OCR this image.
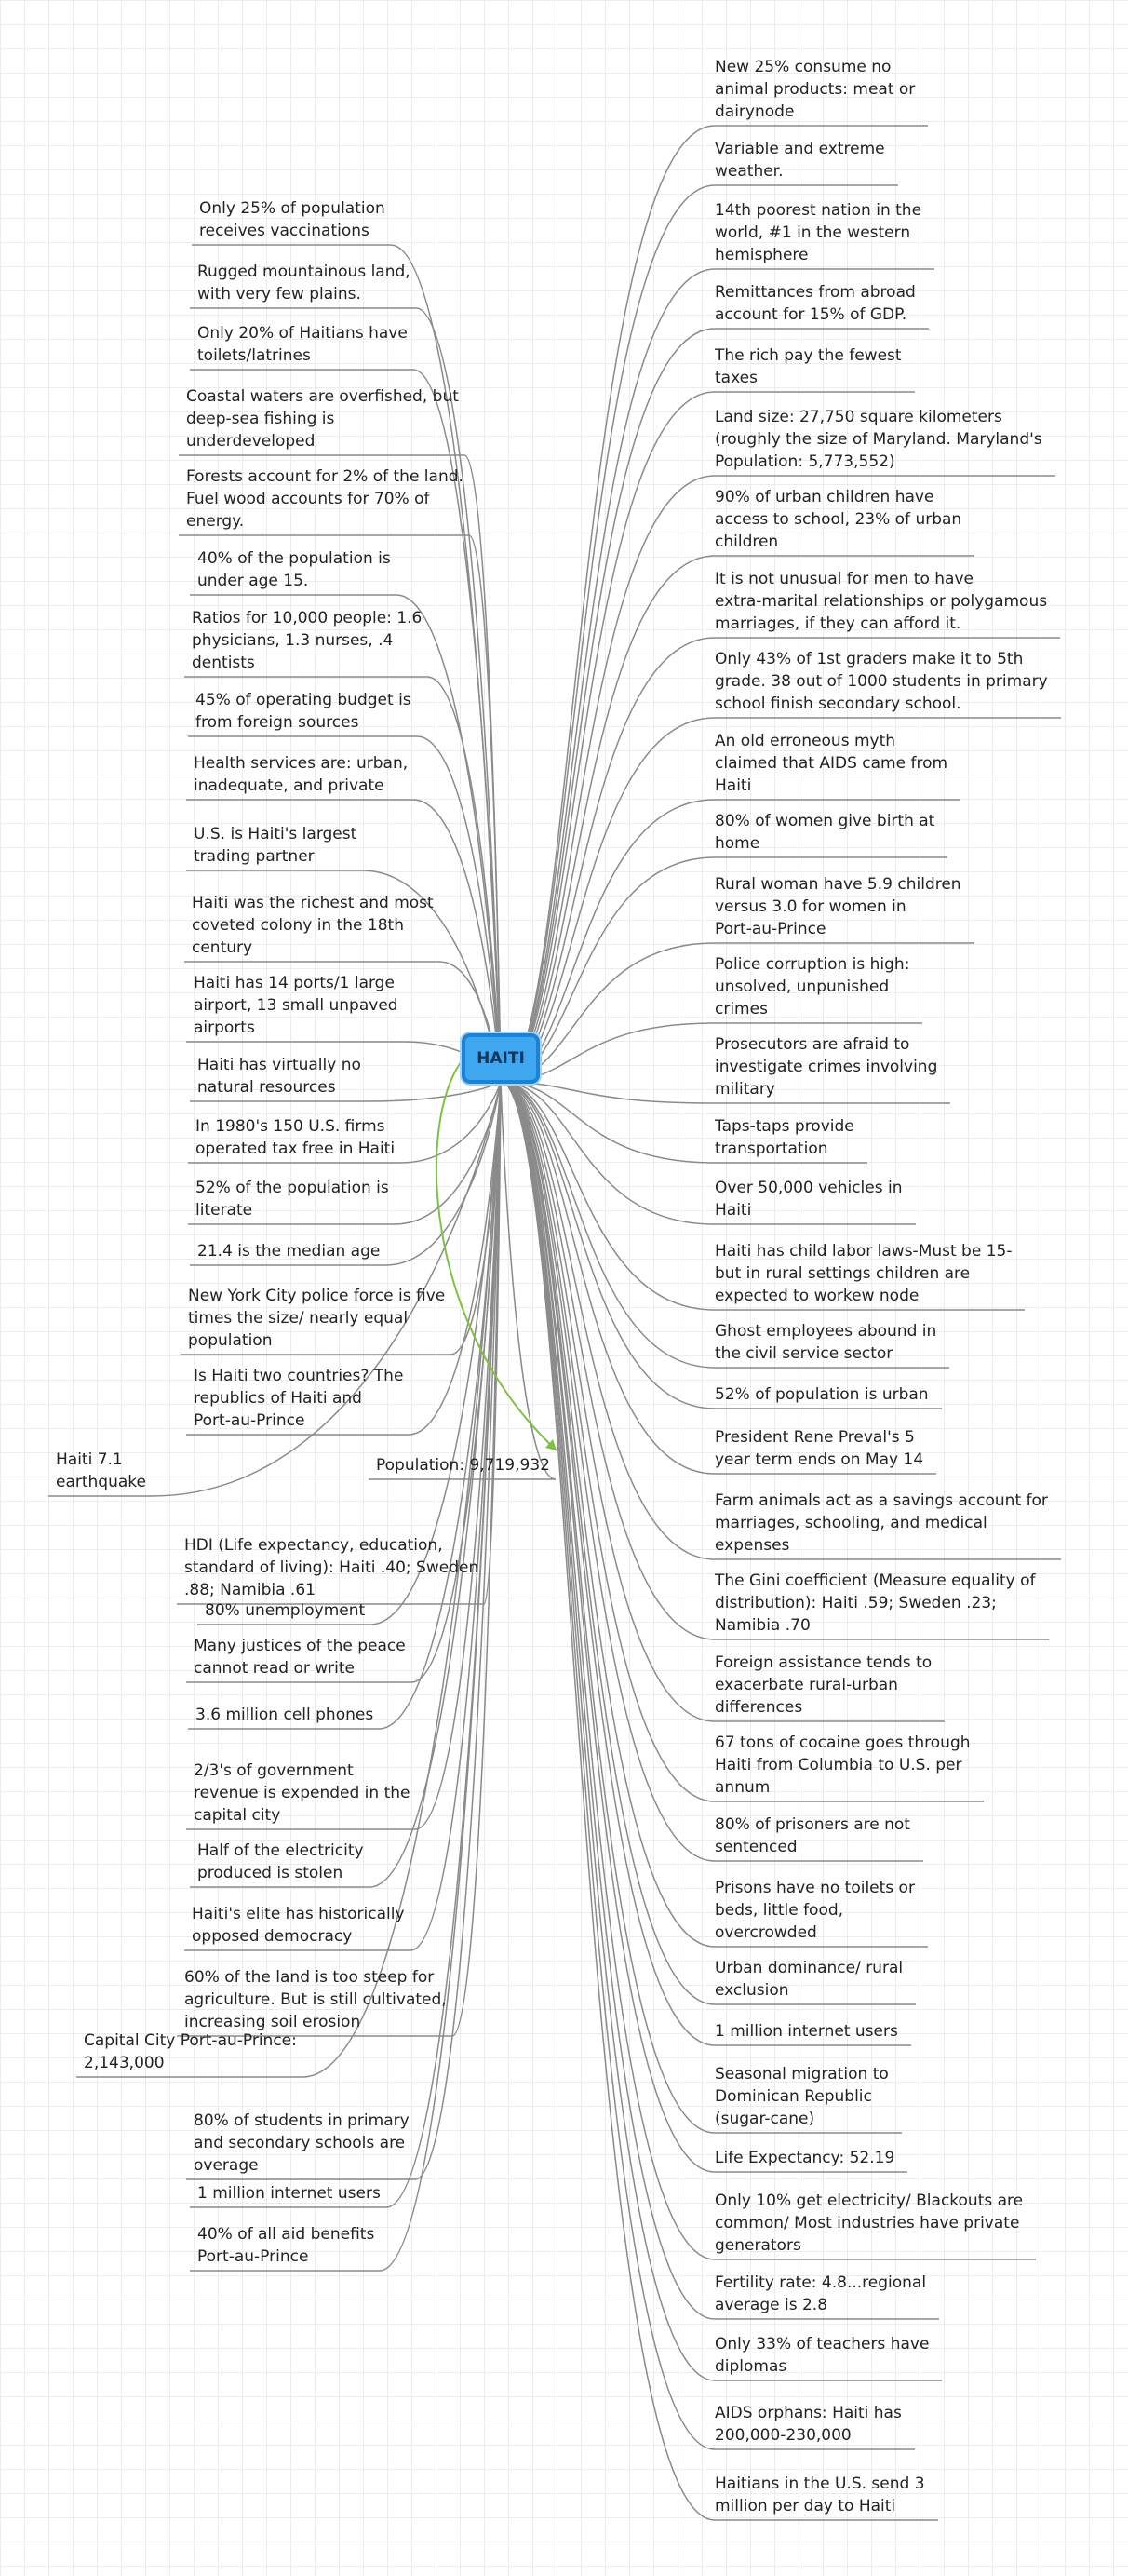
HAITI
Only 25% of population
receives vaccinations
Rugged mountainous land,
with very few plains.
Only 20% of Haitians have
toilets/latrines
Coastal waters are overfished, but
deep-sea fishing is
underdeveloped
Forests account for 2% of the land.
Fuel wood accounts for 70% of
energy.
40% of the population is
under age 15.
Ratios for 10,000 people: 1.6
physicians, 1.3 nurses, .4
dentists
45% of operating budget is
from foreign sources
Health services are: urban,
inadequate, and private
U.S. is Haiti's largest
trading partner
Haiti was the richest and most
coveted colony in the 18th
century
Haiti has 14 ports/1 large
airport, 13 small unpaved
airports
Haiti has virtually no
natural resources
In 1980's 150 U.S. firms
operated tax free in Haiti
52% of the population is
literate
21.4 is the median age
New York City police force is five
times the size/ nearly equal
population
Is Haiti two countries? The
republics of Haiti and
Port-au-Prince
Haiti 7.1
earthquake
Population: 9,719,932
HDI (Life expectancy, education,
standard of living): Haiti .40; Sweden
.88; Namibia .61
80% unemployment
Many justices of the peace
cannot read or write
3.6 million cell phones
2/3's of government
revenue is expended in the
capital city
Half of the electricity
produced is stolen
Haiti's elite has historically
opposed democracy
60% of the land is too steep for
agriculture. But is still cultivated,
increasing soil erosion
Capital City Port-au-Prince:
2,143,000
80% of students in primary
and secondary schools are
overage
1 million internet users
40% of all aid benefits
Port-au-Prince
New 25% consume no
animal products: meat or
dairynode
Variable and extreme
weather.
14th poorest nation in the
world, #1 in the western
hemisphere
Remittances from abroad
account for 15% of GDP.
The rich pay the fewest
taxes
Land size: 27,750 square kilometers
(roughly the size of Maryland. Maryland's
Population: 5,773,552)
90% of urban children have
access to school, 23% of urban
children
It is not unusual for men to have
extra-marital relationships or polygamous
marriages, if they can afford it.
Only 43% of 1st graders make it to 5th
grade. 38 out of 1000 students in primary
school finish secondary school.
An old erroneous myth
claimed that AIDS came from
Haiti
80% of women give birth at
home
Rural woman have 5.9 children
versus 3.0 for women in
Port-au-Prince
Police corruption is high:
unsolved, unpunished
crimes
Prosecutors are afraid to
investigate crimes involving
military
Taps-taps provide
transportation
Over 50,000 vehicles in
Haiti
Haiti has child labor laws-Must be 15-
but in rural settings children are
expected to workew node
Ghost employees abound in
the civil service sector
52% of population is urban
President Rene Preval's 5
year term ends on May 14
Farm animals act as a savings account for
marriages, schooling, and medical
expenses
The Gini coefficient (Measure equality of
distribution): Haiti .59; Sweden .23;
Namibia .70
Foreign assistance tends to
exacerbate rural-urban
differences
67 tons of cocaine goes through
Haiti from Columbia to U.S. per
annum
80% of prisoners are not
sentenced
Prisons have no toilets or
beds, little food,
overcrowded
Urban dominance/ rural
exclusion
1 million internet users
Seasonal migration to
Dominican Republic
(sugar-cane)
Life Expectancy: 52.19
Only 10% get electricity/ Blackouts are
common/ Most industries have private
generators
Fertility rate: 4.8...regional
average is 2.8
Only 33% of teachers have
diplomas
AIDS orphans: Haiti has
200,000-230,000
Haitians in the U.S. send 3
million per day to Haiti
